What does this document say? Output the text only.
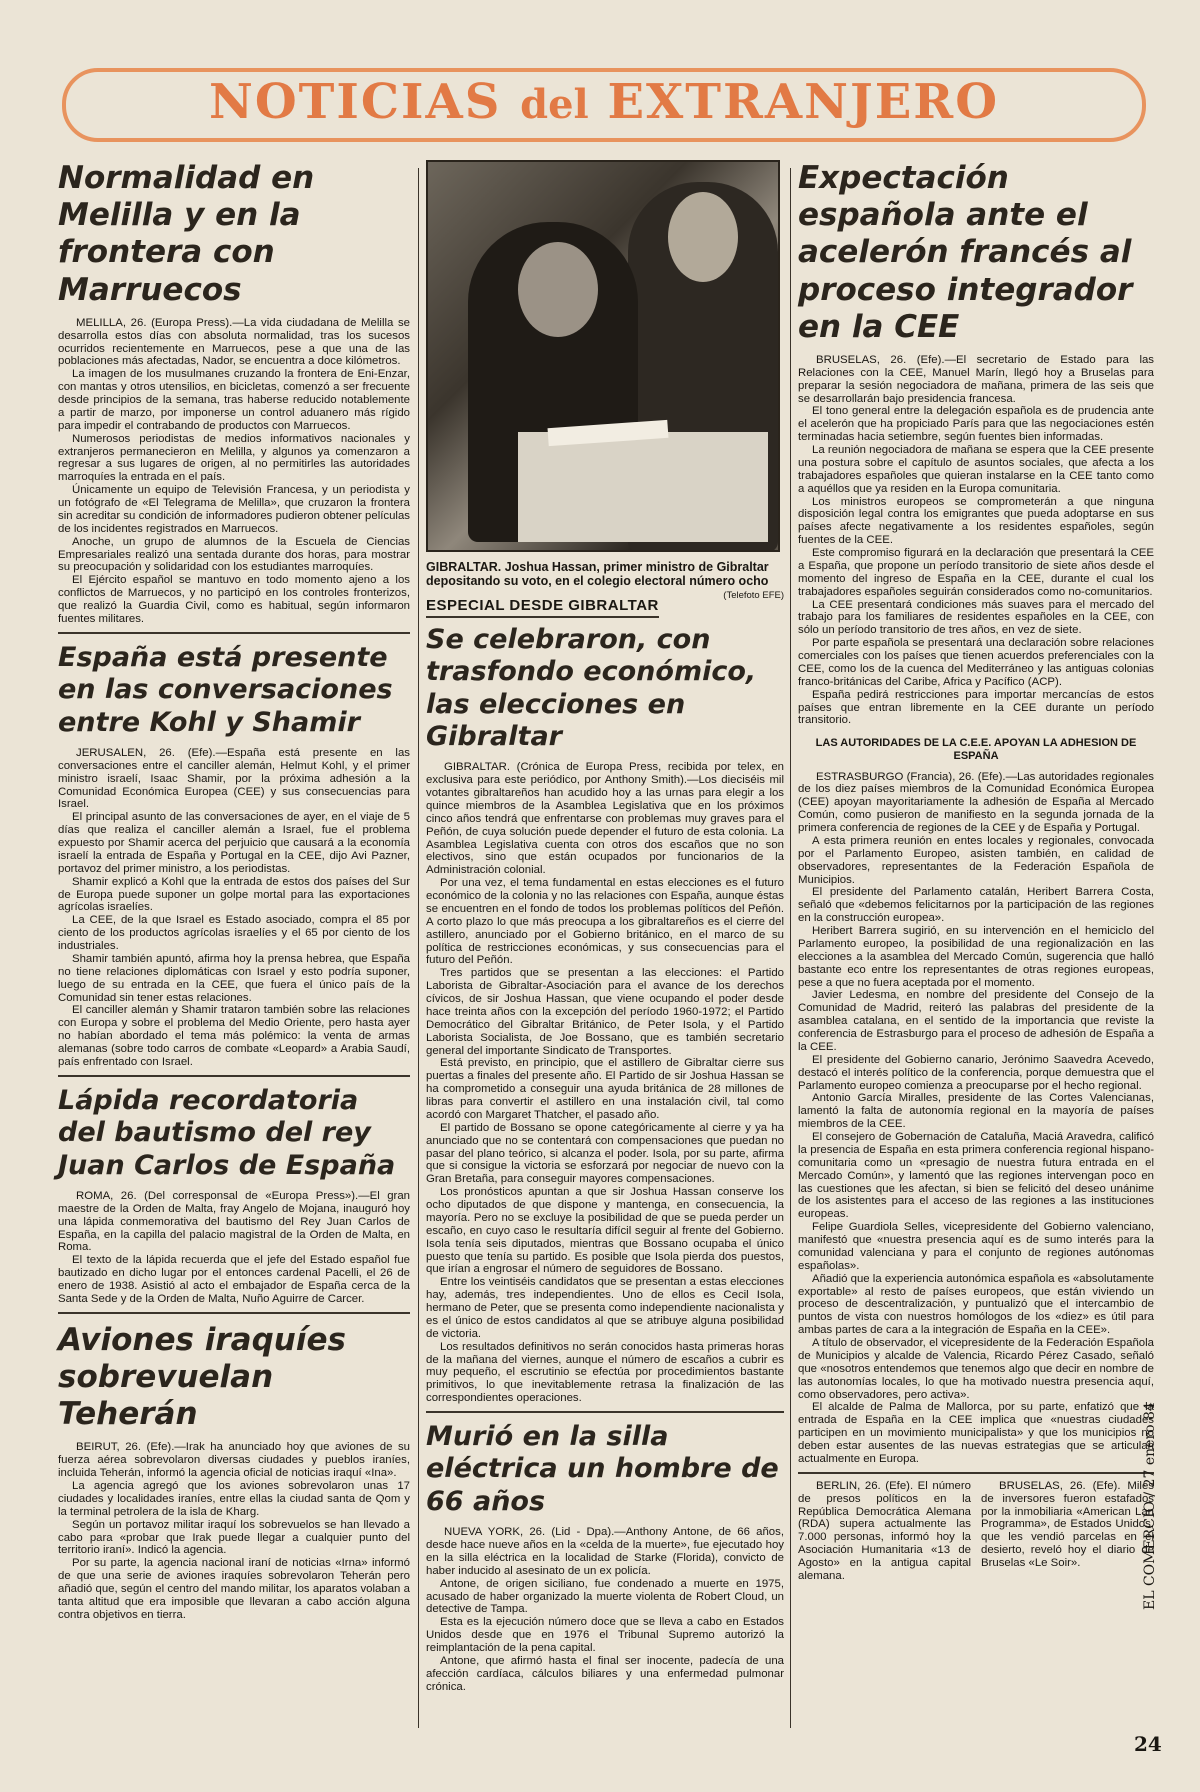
NOTICIAS del EXTRANJERO
Normalidad en Melilla y en la frontera con Marruecos

MELILLA, 26. (Europa Press).—La vida ciudadana de Melilla se desarrolla estos días con absoluta normalidad, tras los sucesos ocurridos recientemente en Marruecos, pese a que una de las poblaciones más afectadas, Nador, se encuentra a doce kilómetros.

La imagen de los musulmanes cruzando la frontera de Eni-Enzar, con mantas y otros utensilios, en bicicletas, comenzó a ser frecuente desde principios de la semana, tras haberse reducido notablemente a partir de marzo, por imponerse un control aduanero más rígido para impedir el contrabando de productos con Marruecos.

Numerosos periodistas de medios informativos nacionales y extranjeros permanecieron en Melilla, y algunos ya comenzaron a regresar a sus lugares de origen, al no permitirles las autoridades marroquíes la entrada en el país.

Únicamente un equipo de Televisión Francesa, y un periodista y un fotógrafo de «El Telegrama de Melilla», que cruzaron la frontera sin acreditar su condición de informadores pudieron obtener películas de los incidentes registrados en Marruecos.

Anoche, un grupo de alumnos de la Escuela de Ciencias Empresariales realizó una sentada durante dos horas, para mostrar su preocupación y solidaridad con los estudiantes marroquíes.

El Ejército español se mantuvo en todo momento ajeno a los conflictos de Marruecos, y no participó en los controles fronterizos, que realizó la Guardia Civil, como es habitual, según informaron fuentes militares.

España está presente en las conversaciones entre Kohl y Shamir

JERUSALEN, 26. (Efe).—España está presente en las conversaciones entre el canciller alemán, Helmut Kohl, y el primer ministro israelí, Isaac Shamir, por la próxima adhesión a la Comunidad Económica Europea (CEE) y sus consecuencias para Israel.

El principal asunto de las conversaciones de ayer, en el viaje de 5 días que realiza el canciller alemán a Israel, fue el problema expuesto por Shamir acerca del perjuicio que causará a la economía israelí la entrada de España y Portugal en la CEE, dijo Avi Pazner, portavoz del primer ministro, a los periodistas.

Shamir explicó a Kohl que la entrada de estos dos países del Sur de Europa puede suponer un golpe mortal para las exportaciones agrícolas israelíes.

La CEE, de la que Israel es Estado asociado, compra el 85 por ciento de los productos agrícolas israelíes y el 65 por ciento de los industriales.

Shamir también apuntó, afirma hoy la prensa hebrea, que España no tiene relaciones diplomáticas con Israel y esto podría suponer, luego de su entrada en la CEE, que fuera el único país de la Comunidad sin tener estas relaciones.

El canciller alemán y Shamir trataron también sobre las relaciones con Europa y sobre el problema del Medio Oriente, pero hasta ayer no habían abordado el tema más polémico: la venta de armas alemanas (sobre todo carros de combate «Leopard» a Arabia Saudí, país enfrentado con Israel.

Lápida recordatoria del bautismo del rey Juan Carlos de España

ROMA, 26. (Del corresponsal de «Europa Press»).—El gran maestre de la Orden de Malta, fray Angelo de Mojana, inauguró hoy una lápida conmemorativa del bautismo del Rey Juan Carlos de España, en la capilla del palacio magistral de la Orden de Malta, en Roma.

El texto de la lápida recuerda que el jefe del Estado español fue bautizado en dicho lugar por el entonces cardenal Pacelli, el 26 de enero de 1938. Asistió al acto el embajador de España cerca de la Santa Sede y de la Orden de Malta, Nuño Aguirre de Carcer.

Aviones iraquíes sobrevuelan Teherán

BEIRUT, 26. (Efe).—Irak ha anunciado hoy que aviones de su fuerza aérea sobrevolaron diversas ciudades y pueblos iraníes, incluida Teherán, informó la agencia oficial de noticias iraquí «Ina».

La agencia agregó que los aviones sobrevolaron unas 17 ciudades y localidades iraníes, entre ellas la ciudad santa de Qom y la terminal petrolera de la isla de Kharg.

Según un portavoz militar iraquí los sobrevuelos se han llevado a cabo para «probar que Irak puede llegar a cualquier punto del territorio iraní». Indicó la agencia.

Por su parte, la agencia nacional iraní de noticias «Irna» informó de que una serie de aviones iraquíes sobrevolaron Teherán pero añadió que, según el centro del mando militar, los aparatos volaban a tanta altitud que era imposible que llevaran a cabo acción alguna contra objetivos en tierra.

GIBRALTAR. Joshua Hassan, primer ministro de Gibraltar depositando su voto, en el colegio electoral número ocho
(Telefoto EFE)
ESPECIAL DESDE GIBRALTAR
Se celebraron, con trasfondo económico, las elecciones en Gibraltar

GIBRALTAR. (Crónica de Europa Press, recibida por telex, en exclusiva para este periódico, por Anthony Smith).—Los dieciséis mil votantes gibraltareños han acudido hoy a las urnas para elegir a los quince miembros de la Asamblea Legislativa que en los próximos cinco años tendrá que enfrentarse con problemas muy graves para el Peñón, de cuya solución puede depender el futuro de esta colonia. La Asamblea Legislativa cuenta con otros dos escaños que no son electivos, sino que están ocupados por funcionarios de la Administración colonial.

Por una vez, el tema fundamental en estas elecciones es el futuro económico de la colonia y no las relaciones con España, aunque éstas se encuentren en el fondo de todos los problemas políticos del Peñón. A corto plazo lo que más preocupa a los gibraltareños es el cierre del astillero, anunciado por el Gobierno británico, en el marco de su política de restricciones económicas, y sus consecuencias para el futuro del Peñón.

Tres partidos que se presentan a las elecciones: el Partido Laborista de Gibraltar-Asociación para el avance de los derechos cívicos, de sir Joshua Hassan, que viene ocupando el poder desde hace treinta años con la excepción del período 1960-1972; el Partido Democrático del Gibraltar Británico, de Peter Isola, y el Partido Laborista Socialista, de Joe Bossano, que es también secretario general del importante Sindicato de Transportes.

Está previsto, en principio, que el astillero de Gibraltar cierre sus puertas a finales del presente año. El Partido de sir Joshua Hassan se ha comprometido a conseguir una ayuda británica de 28 millones de libras para convertir el astillero en una instalación civil, tal como acordó con Margaret Thatcher, el pasado año.

El partido de Bossano se opone categóricamente al cierre y ya ha anunciado que no se contentará con compensaciones que puedan no pasar del plano teórico, si alcanza el poder. Isola, por su parte, afirma que si consigue la victoria se esforzará por negociar de nuevo con la Gran Bretaña, para conseguir mayores compensaciones.

Los pronósticos apuntan a que sir Joshua Hassan conserve los ocho diputados de que dispone y mantenga, en consecuencia, la mayoría. Pero no se excluye la posibilidad de que se pueda perder un escaño, en cuyo caso le resultaría difícil seguir al frente del Gobierno. Isola tenía seis diputados, mientras que Bossano ocupaba el único puesto que tenía su partido. Es posible que Isola pierda dos puestos, que irían a engrosar el número de seguidores de Bossano.

Entre los veintiséis candidatos que se presentan a estas elecciones hay, además, tres independientes. Uno de ellos es Cecil Isola, hermano de Peter, que se presenta como independiente nacionalista y es el único de estos candidatos al que se atribuye alguna posibilidad de victoria.

Los resultados definitivos no serán conocidos hasta primeras horas de la mañana del viernes, aunque el número de escaños a cubrir es muy pequeño, el escrutinio se efectúa por procedimientos bastante primitivos, lo que inevitablemente retrasa la finalización de las correspondientes operaciones.

Murió en la silla eléctrica un hombre de 66 años

NUEVA YORK, 26. (Lid - Dpa).—Anthony Antone, de 66 años, desde hace nueve años en la «celda de la muerte», fue ejecutado hoy en la silla eléctrica en la localidad de Starke (Florida), convicto de haber inducido al asesinato de un ex policía.

Antone, de origen siciliano, fue condenado a muerte en 1975, acusado de haber organizado la muerte violenta de Robert Cloud, un detective de Tampa.

Esta es la ejecución número doce que se lleva a cabo en Estados Unidos desde que en 1976 el Tribunal Supremo autorizó la reimplantación de la pena capital.

Antone, que afirmó hasta el final ser inocente, padecía de una afección cardíaca, cálculos biliares y una enfermedad pulmonar crónica.

Expectación española ante el acelerón francés al proceso integrador en la CEE

BRUSELAS, 26. (Efe).—El secretario de Estado para las Relaciones con la CEE, Manuel Marín, llegó hoy a Bruselas para preparar la sesión negociadora de mañana, primera de las seis que se desarrollarán bajo presidencia francesa.

El tono general entre la delegación española es de prudencia ante el acelerón que ha propiciado París para que las negociaciones estén terminadas hacia setiembre, según fuentes bien informadas.

La reunión negociadora de mañana se espera que la CEE presente una postura sobre el capítulo de asuntos sociales, que afecta a los trabajadores españoles que quieran instalarse en la CEE tanto como a aquéllos que ya residen en la Europa comunitaria.

Los ministros europeos se comprometerán a que ninguna disposición legal contra los emigrantes que pueda adoptarse en sus países afecte negativamente a los residentes españoles, según fuentes de la CEE.

Este compromiso figurará en la declaración que presentará la CEE a España, que propone un período transitorio de siete años desde el momento del ingreso de España en la CEE, durante el cual los trabajadores españoles seguirán considerados como no-comunitarios.

La CEE presentará condiciones más suaves para el mercado del trabajo para los familiares de residentes españoles en la CEE, con sólo un período transitorio de tres años, en vez de siete.

Por parte española se presentará una declaración sobre relaciones comerciales con los países que tienen acuerdos preferenciales con la CEE, como los de la cuenca del Mediterráneo y las antiguas colonias franco-británicas del Caribe, Africa y Pacífico (ACP).

España pedirá restricciones para importar mercancías de estos países que entran libremente en la CEE durante un período transitorio.

LAS AUTORIDADES DE LA C.E.E. APOYAN LA ADHESION DE ESPAÑA

ESTRASBURGO (Francia), 26. (Efe).—Las autoridades regionales de los diez países miembros de la Comunidad Económica Europea (CEE) apoyan mayoritariamente la adhesión de España al Mercado Común, como pusieron de manifiesto en la segunda jornada de la primera conferencia de regiones de la CEE y de España y Portugal.

A esta primera reunión en entes locales y regionales, convocada por el Parlamento Europeo, asisten también, en calidad de observadores, representantes de la Federación Española de Municipios.

El presidente del Parlamento catalán, Heribert Barrera Costa, señaló que «debemos felicitarnos por la participación de las regiones en la construcción europea».

Heribert Barrera sugirió, en su intervención en el hemiciclo del Parlamento europeo, la posibilidad de una regionalización en las elecciones a la asamblea del Mercado Común, sugerencia que halló bastante eco entre los representantes de otras regiones europeas, pese a que no fuera aceptada por el momento.

Javier Ledesma, en nombre del presidente del Consejo de la Comunidad de Madrid, reiteró las palabras del presidente de la asamblea catalana, en el sentido de la importancia que reviste la conferencia de Estrasburgo para el proceso de adhesión de España a la CEE.

El presidente del Gobierno canario, Jerónimo Saavedra Acevedo, destacó el interés político de la conferencia, porque demuestra que el Parlamento europeo comienza a preocuparse por el hecho regional.

Antonio García Miralles, presidente de las Cortes Valencianas, lamentó la falta de autonomía regional en la mayoría de países miembros de la CEE.

El consejero de Gobernación de Cataluña, Maciá Aravedra, calificó la presencia de España en esta primera conferencia regional hispano-comunitaria como un «presagio de nuestra futura entrada en el Mercado Común», y lamentó que las regiones intervengan poco en las cuestiones que les afectan, si bien se felicitó del deseo unánime de los asistentes para el acceso de las regiones a las instituciones europeas.

Felipe Guardiola Selles, vicepresidente del Gobierno valenciano, manifestó que «nuestra presencia aquí es de sumo interés para la comunidad valenciana y para el conjunto de regiones autónomas españolas».

Añadió que la experiencia autonómica española es «absolutamente exportable» al resto de países europeos, que están viviendo un proceso de descentralización, y puntualizó que el intercambio de puntos de vista con nuestros homólogos de los «diez» es útil para ambas partes de cara a la integración de España en la CEE».

A título de observador, el vicepresidente de la Federación Española de Municipios y alcalde de Valencia, Ricardo Pérez Casado, señaló que «nosotros entendemos que tenemos algo que decir en nombre de las autonomías locales, lo que ha motivado nuestra presencia aquí, como observadores, pero activa».

El alcalde de Palma de Mallorca, por su parte, enfatizó que la entrada de España en la CEE implica que «nuestras ciudades participen en un movimiento municipalista» y que los municipios no deben estar ausentes de las nuevas estrategias que se articulan actualmente en Europa.

BERLIN, 26. (Efe). El número de presos políticos en la República Democrática Alemana (RDA) supera actualmente las 7.000 personas, informó hoy la Asociación Humanitaria «13 de Agosto» en la antigua capital alemana.

BRUSELAS, 26. (Efe). Miles de inversores fueron estafados por la inmobiliaria «American Lan Programma», de Estados Unidos, que les vendió parcelas en el desierto, reveló hoy el diario de Bruselas «Le Soir».	EL COMERCIO / 27 enero 84
24
